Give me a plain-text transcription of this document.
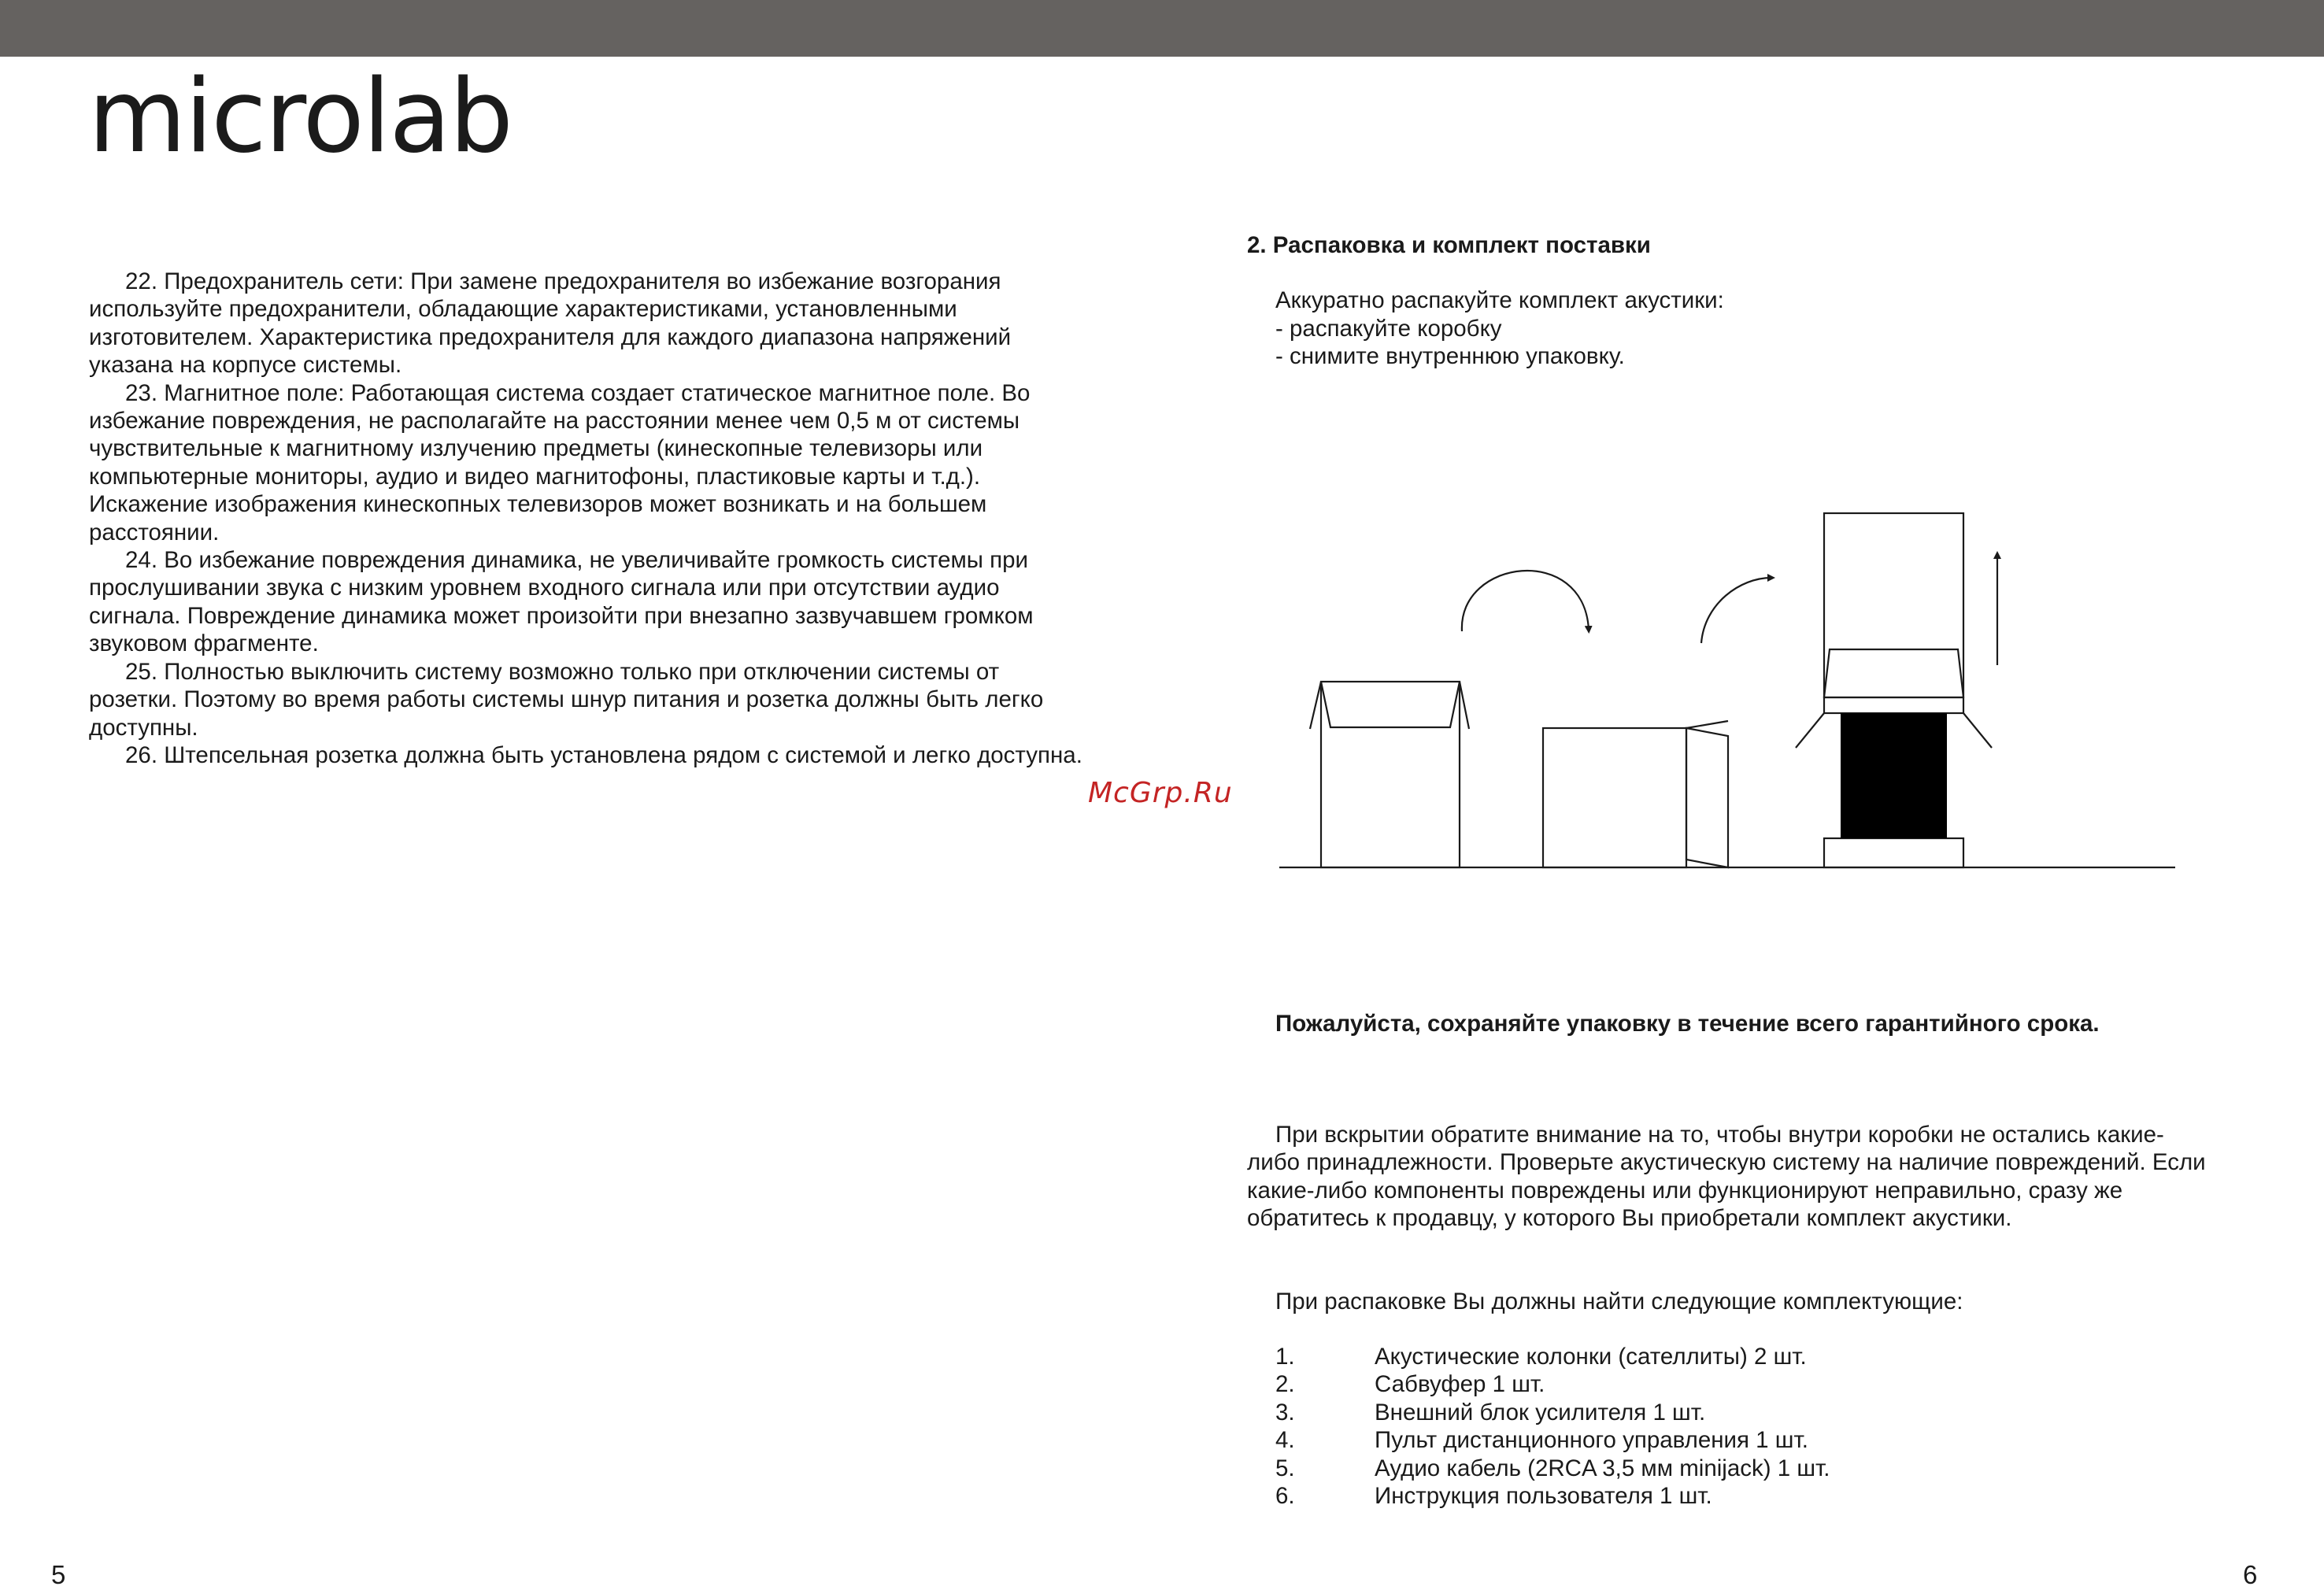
microlab

22. Предохранитель сети: При замене предохранителя во избежание возгорания используйте предохранители, обладающие характеристиками, установленными изготовителем. Характеристика предохранителя для каждого диапазона напряжений указана на корпусе системы.

23. Магнитное поле: Работающая система создает статическое магнитное поле. Во избежание повреждения, не располагайте на расстоянии менее чем 0,5 м от системы чувствительные к магнитному излучению предметы (кинескопные телевизоры или компьютерные мониторы, аудио и видео магнитофоны, пластиковые карты и т.д.). Искажение изображения кинескопных телевизоров может возникать и на большем расстоянии.

24. Во избежание повреждения динамика, не увеличивайте громкость системы при прослушивании звука с низким уровнем входного сигнала или при отсутствии аудио сигнала. Повреждение динамика может произойти при внезапно зазвучавшем громком звуковом фрагменте.

25. Полностью выключить систему возможно только при отключении системы от розетки. Поэтому во время работы системы шнур питания и розетка должны быть легко доступны.

26. Штепсельная розетка должна быть установлена рядом с системой и легко доступна.

McGrp.Ru

2. Распаковка и комплект поставки

Аккуратно распакуйте комплект акустики:

- распакуйте коробку

- снимите внутреннюю упаковку.

Пожалуйста, сохраняйте упаковку в течение всего гарантийного срока.

При вскрытии обратите внимание на то, чтобы внутри коробки не остались какие-либо принадлежности. Проверьте акустическую систему на наличие повреждений. Если какие-либо компоненты повреждены или функционируют неправильно, сразу же обратитесь к продавцу, у которого Вы приобретали комплект акустики.

При распаковке Вы должны найти следующие комплектующие:

1.	Акустические колонки (сателлиты) 2 шт.
2.	Сабвуфер 1 шт.
3.	Внешний блок усилителя 1 шт.
4.	Пульт дистанционного управления 1 шт.
5.	Аудио кабель (2RCA 3,5 мм minijack) 1 шт.
6.	Инструкция пользователя 1 шт.
5	6
